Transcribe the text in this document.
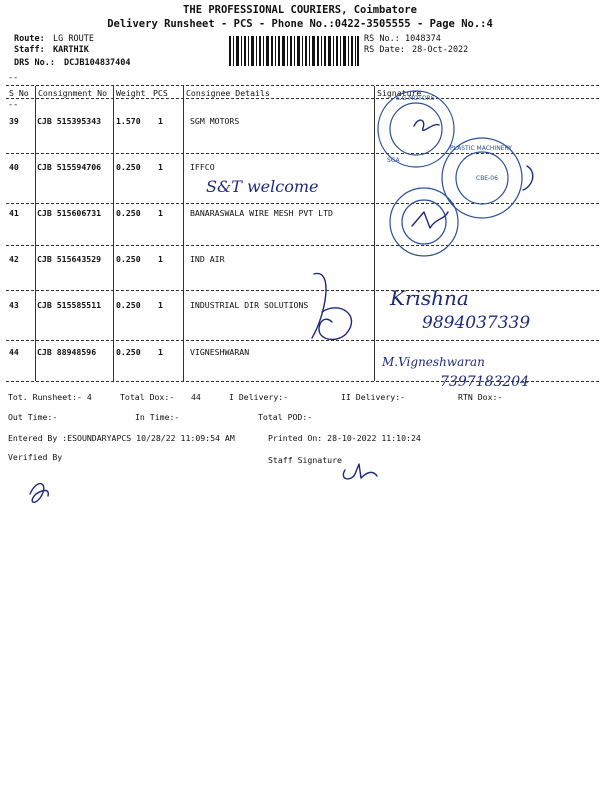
THE PROFESSIONAL COURIERS, Coimbatore
Delivery Runsheet - PCS - Phone No.:0422-3505555 - Page No.:4
Route: LG ROUTE
Staff: KARTHIK
DRS No.: DCJB104837404
RS No.: 1048374
RS Date: 28-Oct-2022
--
S No Consignment No Weight PCS Consignee Details	Signature
--
39 CJB 515395343 1.570 1	SGM MOTORS
40 CJB 515594706 0.250 1	IFFCO
41 CJB 515606731 0.250 1	BANARASWALA WIRE MESH PVT LTD
42 CJB 515643529 0.250 1	IND AIR
43 CJB 515585511 0.250 1	INDUSTRIAL DIR SOLUTIONS
44 CJB 88948596 0.250 1	VIGNESHWARAN
S.G MOTORS
SGA
PLASTIC MACHINERY
CBE-06
S&T welcome
Krishna
9894037339
M.Vigneshwaran
7397183204
Tot. Runsheet:- 4	Total Dox:- 44	I Delivery:-	II Delivery:-	RTN Dox:-
Out Time:-	In Time:-	Total POD:-
Entered By :ESOUNDARYAPCS 10/28/22 11:09:54 AM	Printed On: 28-10-2022 11:10:24
Verified By	Staff Signature
